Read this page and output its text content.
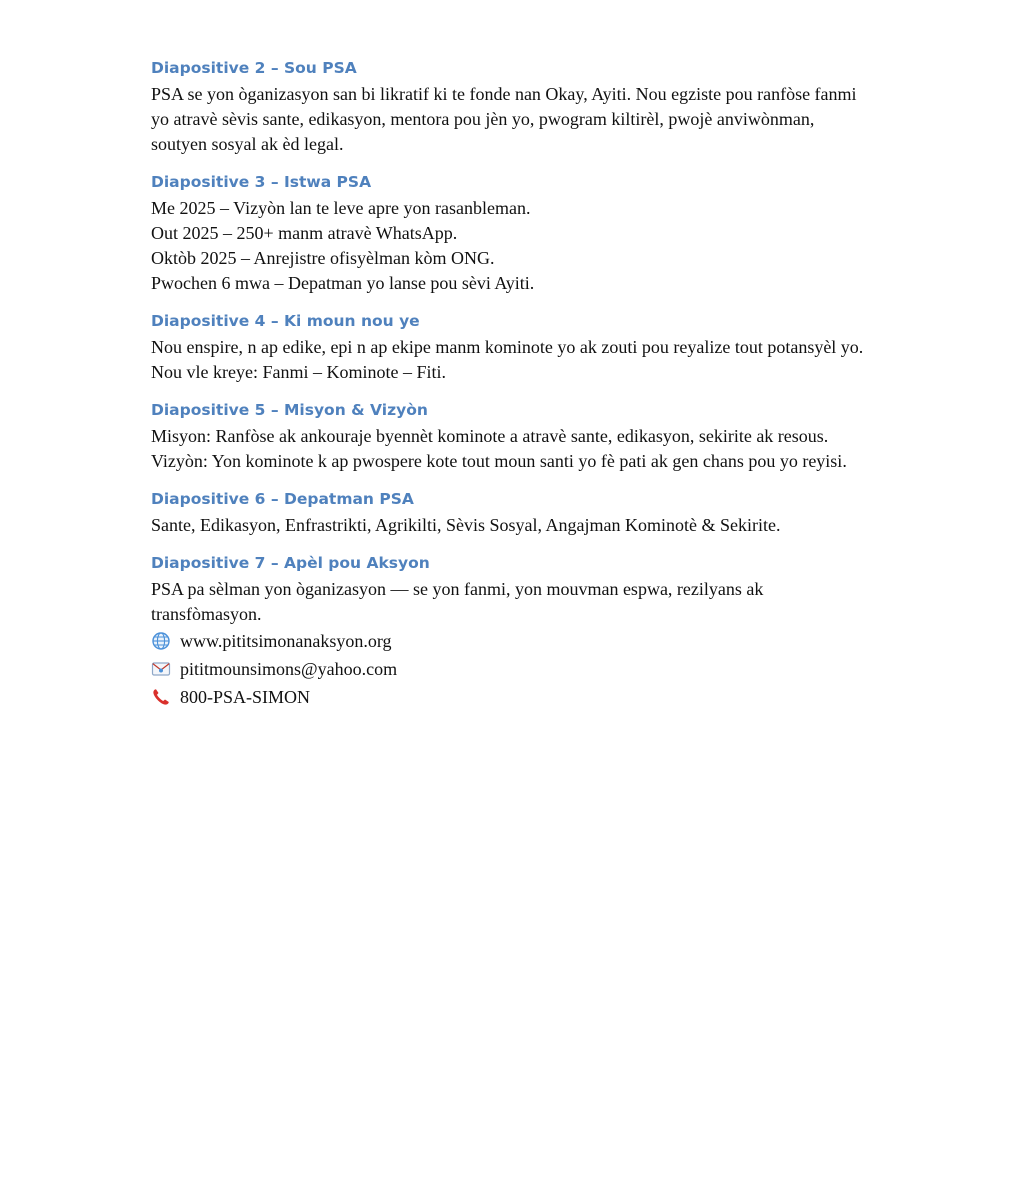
Diapositive 2 – Sou PSA

PSA se yon òganizasyon san bi likratif ki te fonde nan Okay, Ayiti. Nou egziste pou ranfòse fanmi yo atravè sèvis sante, edikasyon, mentora pou jèn yo, pwogram kiltirèl, pwojè anviwònman, soutyen sosyal ak èd legal.

Diapositive 3 – Istwa PSA

Me 2025 – Vizyòn lan te leve apre yon rasanbleman.

Out 2025 – 250+ manm atravè WhatsApp.

Oktòb 2025 – Anrejistre ofisyèlman kòm ONG.

Pwochen 6 mwa – Depatman yo lanse pou sèvi Ayiti.

Diapositive 4 – Ki moun nou ye

Nou enspire, n ap edike, epi n ap ekipe manm kominote yo ak zouti pou reyalize tout potansyèl yo.

Nou vle kreye: Fanmi – Kominote – Fiti.

Diapositive 5 – Misyon & Vizyòn

Misyon: Ranfòse ak ankouraje byennèt kominote a atravè sante, edikasyon, sekirite ak resous.

Vizyòn: Yon kominote k ap pwospere kote tout moun santi yo fè pati ak gen chans pou yo reyisi.

Diapositive 6 – Depatman PSA

Sante, Edikasyon, Enfrastrikti, Agrikilti, Sèvis Sosyal, Angajman Kominotè & Sekirite.

Diapositive 7 – Apèl pou Aksyon

PSA pa sèlman yon òganizasyon — se yon fanmi, yon mouvman espwa, rezilyans ak transfòmasyon.

www.pititsimonanaksyon.org
pititmounsimons@yahoo.com
800-PSA-SIMON
